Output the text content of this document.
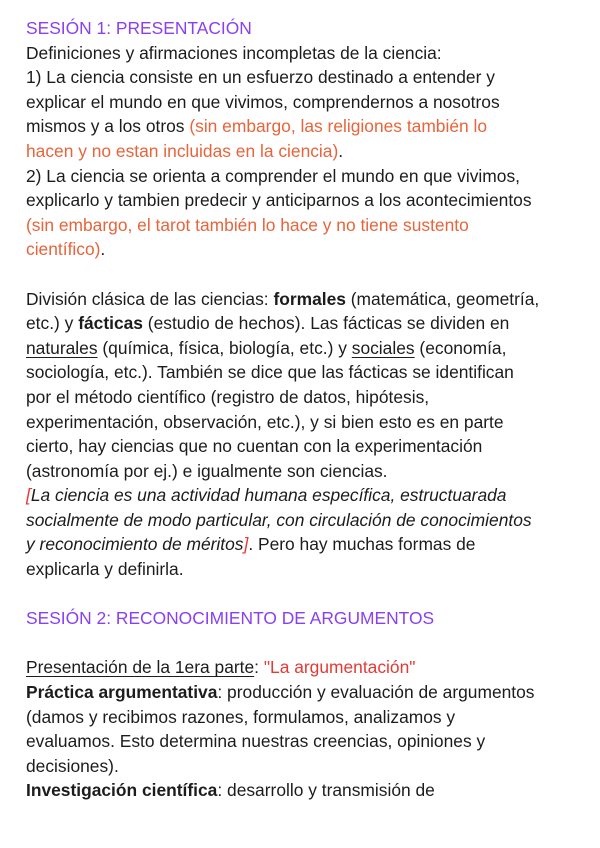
SESIÓN 1: PRESENTACIÓN
Definiciones y afirmaciones incompletas de la ciencia:
1) La ciencia consiste en un esfuerzo destinado a entender y
explicar el mundo en que vivimos, comprendernos a nosotros
mismos y a los otros (sin embargo, las religiones también lo
hacen y no estan incluidas en la ciencia).
2) La ciencia se orienta a comprender el mundo en que vivimos,
explicarlo y tambien predecir y anticiparnos a los acontecimientos
(sin embargo, el tarot también lo hace y no tiene sustento
científico).
División clásica de las ciencias: formales (matemática, geometría,
etc.) y fácticas (estudio de hechos). Las fácticas se dividen en
naturales (química, física, biología, etc.) y sociales (economía,
sociología, etc.). También se dice que las fácticas se identifican
por el método científico (registro de datos, hipótesis,
experimentación, observación, etc.), y si bien esto es en parte
cierto, hay ciencias que no cuentan con la experimentación
(astronomía por ej.) e igualmente son ciencias.
[La ciencia es una actividad humana específica, estructuarada
socialmente de modo particular, con circulación de conocimientos
y reconocimiento de méritos]. Pero hay muchas formas de
explicarla y definirla.
SESIÓN 2: RECONOCIMIENTO DE ARGUMENTOS
Presentación de la 1era parte: "La argumentación"
Práctica argumentativa: producción y evaluación de argumentos
(damos y recibimos razones, formulamos, analizamos y
evaluamos. Esto determina nuestras creencias, opiniones y
decisiones).
Investigación científica: desarrollo y transmisión de
